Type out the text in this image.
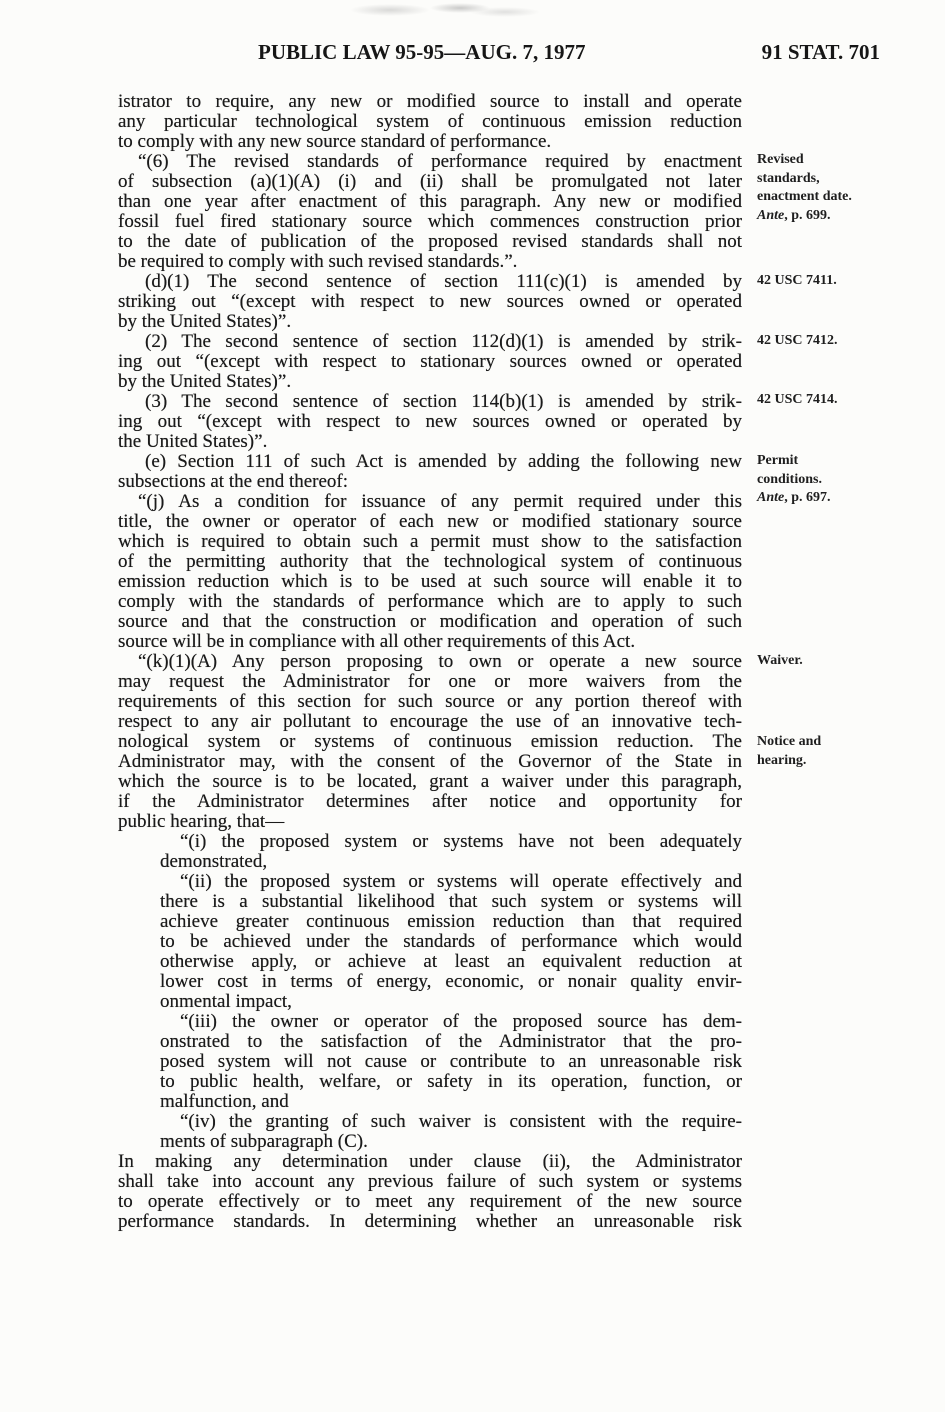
PUBLIC LAW 95-95—AUG. 7, 1977	91 STAT. 701
istrator to require, any new or modified source to install and operate
any particular technological system of continuous emission reduction
to comply with any new source standard of performance.
“(6) The revised standards of performance required by enactment
of subsection (a)(1)(A) (i) and (ii) shall be promulgated not later
than one year after enactment of this paragraph. Any new or modified
fossil fuel fired stationary source which commences construction prior
to the date of publication of the proposed revised standards shall not
be required to comply with such revised standards.”.
(d)(1) The second sentence of section 111(c)(1) is amended by
striking out “(except with respect to new sources owned or operated
by the United States)”.
(2) The second sentence of section 112(d)(1) is amended by strik-
ing out “(except with respect to stationary sources owned or operated
by the United States)”.
(3) The second sentence of section 114(b)(1) is amended by strik-
ing out “(except with respect to new sources owned or operated by
the United States)”.
(e) Section 111 of such Act is amended by adding the following new
subsections at the end thereof:
“(j) As a condition for issuance of any permit required under this
title, the owner or operator of each new or modified stationary source
which is required to obtain such a permit must show to the satisfaction
of the permitting authority that the technological system of continuous
emission reduction which is to be used at such source will enable it to
comply with the standards of performance which are to apply to such
source and that the construction or modification and operation of such
source will be in compliance with all other requirements of this Act.
“(k)(1)(A) Any person proposing to own or operate a new source
may request the Administrator for one or more waivers from the
requirements of this section for such source or any portion thereof with
respect to any air pollutant to encourage the use of an innovative tech-
nological system or systems of continuous emission reduction. The
Administrator may, with the consent of the Governor of the State in
which the source is to be located, grant a waiver under this paragraph,
if the Administrator determines after notice and opportunity for
public hearing, that—
“(i) the proposed system or systems have not been adequately
demonstrated,
“(ii) the proposed system or systems will operate effectively and
there is a substantial likelihood that such system or systems will
achieve greater continuous emission reduction than that required
to be achieved under the standards of performance which would
otherwise apply, or achieve at least an equivalent reduction at
lower cost in terms of energy, economic, or nonair quality envir-
onmental impact,
“(iii) the owner or operator of the proposed source has dem-
onstrated to the satisfaction of the Administrator that the pro-
posed system will not cause or contribute to an unreasonable risk
to public health, welfare, or safety in its operation, function, or
malfunction, and
“(iv) the granting of such waiver is consistent with the require-
ments of subparagraph (C).
In making any determination under clause (ii), the Administrator
shall take into account any previous failure of such system or systems
to operate effectively or to meet any requirement of the new source
performance standards. In determining whether an unreasonable risk
Revised
standards,
enactment date.
Ante, p. 699.
42 USC 7411.
42 USC 7412.
42 USC 7414.
Permit
conditions.
Ante, p. 697.
Waiver.
Notice and
hearing.
